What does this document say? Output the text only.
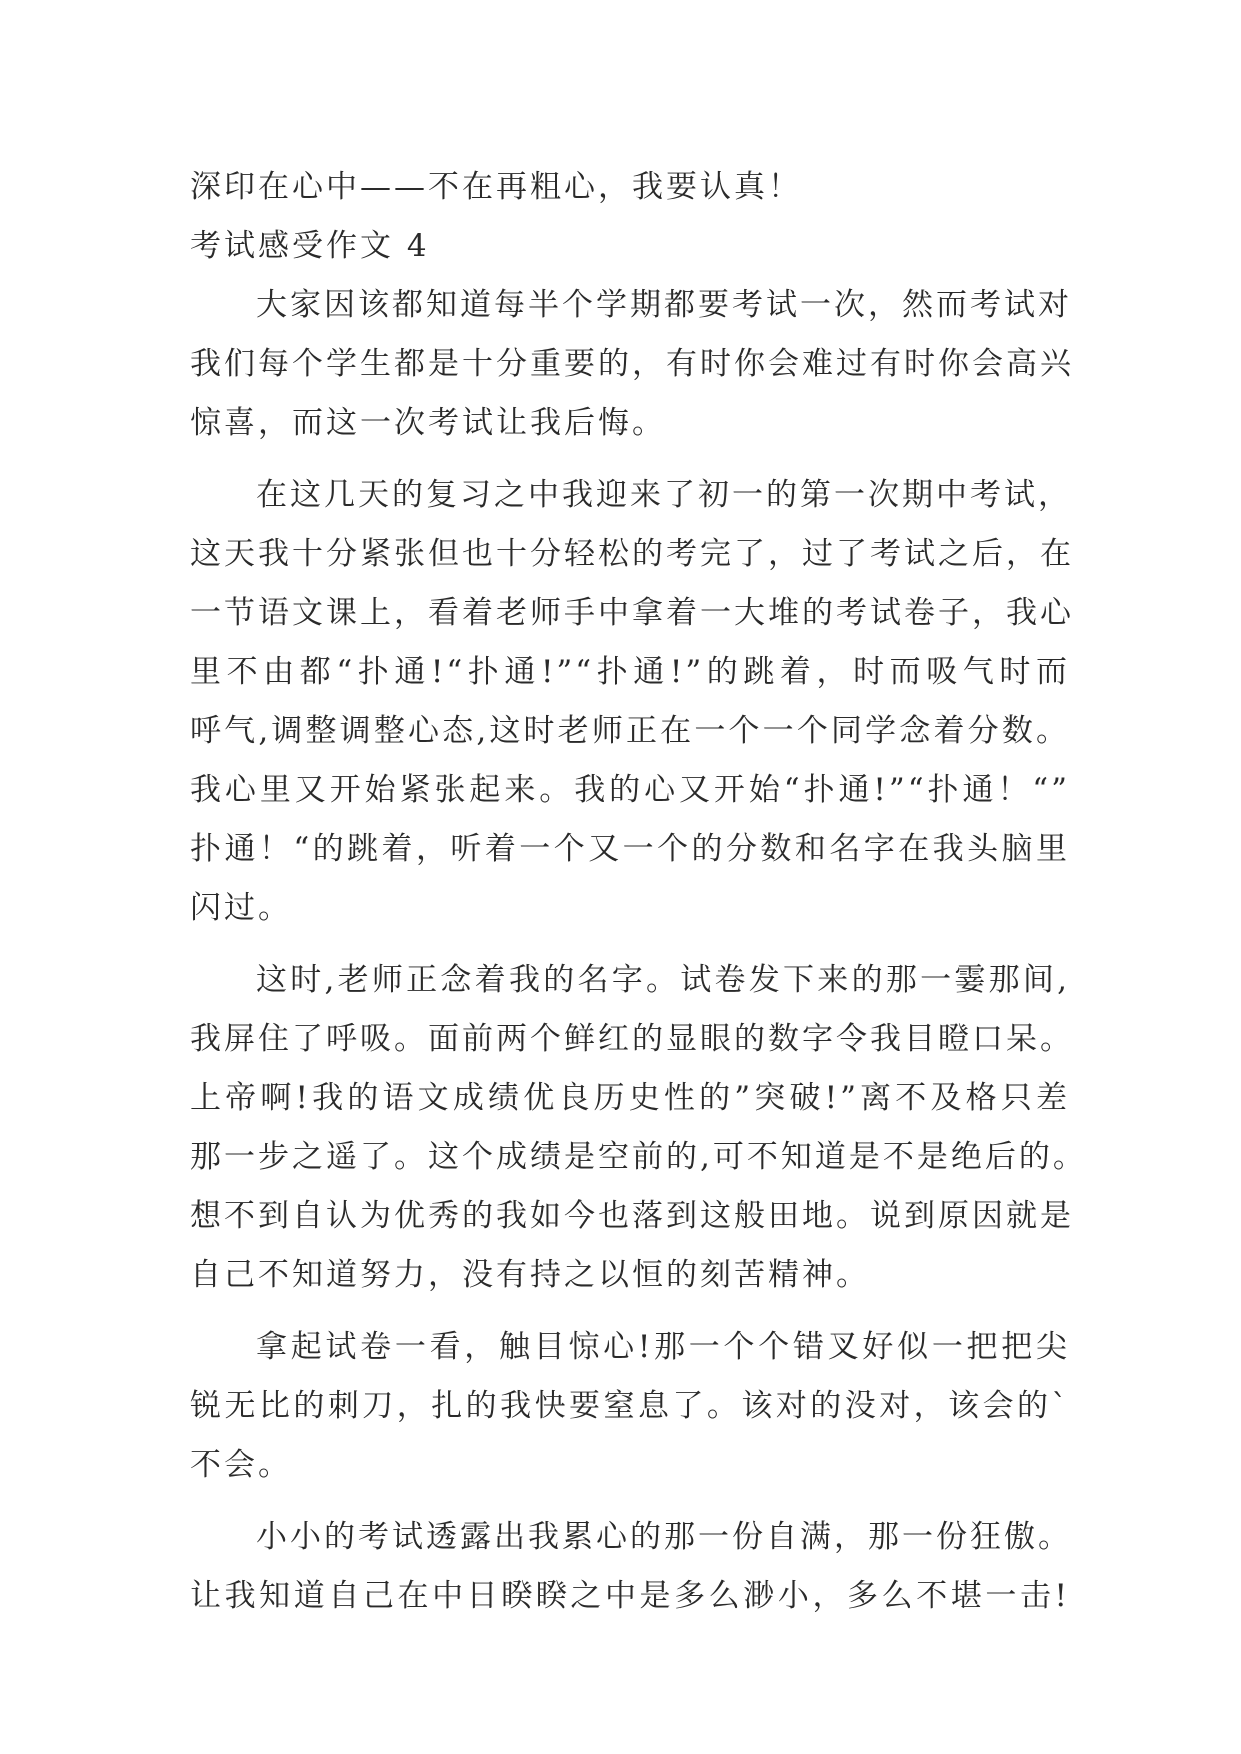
深印在心中——不在再粗心，我要认真！
考试感受作文 4
大家因该都知道每半个学期都要考试一次，然而考试对
我们每个学生都是十分重要的，有时你会难过有时你会高兴
惊喜，而这一次考试让我后悔。
在这几天的复习之中我迎来了初一的第一次期中考试，
这天我十分紧张但也十分轻松的考完了，过了考试之后，在
一节语文课上，看着老师手中拿着一大堆的考试卷子，我心
里不由都“扑通!“扑通!”“扑通!”的跳着，时而吸气时而
呼气,调整调整心态,这时老师正在一个一个同学念着分数。
我心里又开始紧张起来。我的心又开始“扑通!”“扑通！“”
扑通！“的跳着，听着一个又一个的分数和名字在我头脑里
闪过。
这时,老师正念着我的名字。试卷发下来的那一霎那间,
我屏住了呼吸。面前两个鲜红的显眼的数字令我目瞪口呆。
上帝啊!我的语文成绩优良历史性的”突破!”离不及格只差
那一步之遥了。这个成绩是空前的,可不知道是不是绝后的。
想不到自认为优秀的我如今也落到这般田地。说到原因就是
自己不知道努力，没有持之以恒的刻苦精神。
拿起试卷一看，触目惊心!那一个个错叉好似一把把尖
锐无比的刺刀，扎的我快要窒息了。该对的没对，该会的`
不会。
小小的考试透露出我累心的那一份自满，那一份狂傲。
让我知道自己在中日睽睽之中是多么渺小，多么不堪一击!
